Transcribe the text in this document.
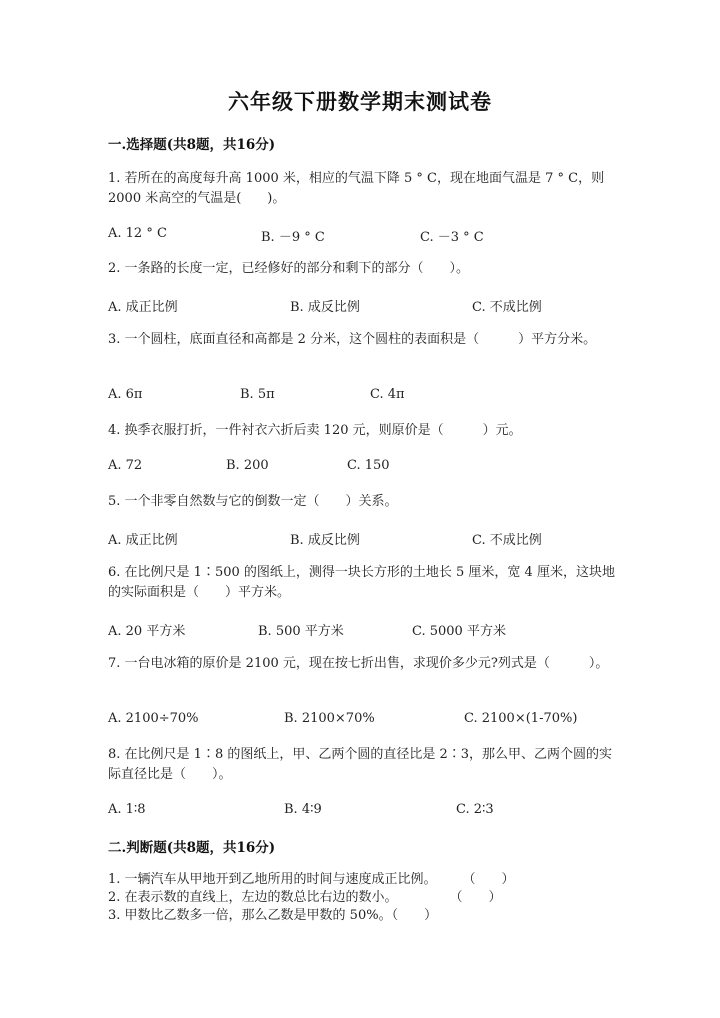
六年级下册数学期末测试卷
一.选择题(共8题，共16分)
1. 若所在的高度每升高 1000 米，相应的气温下降 5 ° C，现在地面气温是 7 ° C，则 2000 米高空的气温是(　　)。
A. 12 ° C	B. －9 ° C	C. －3 ° C
2. 一条路的长度一定，已经修好的部分和剩下的部分（　　）。
A. 成正比例	B. 成反比例	C. 不成比例
3. 一个圆柱，底面直径和高都是 2 分米，这个圆柱的表面积是（　　　）平方分米。
A. 6π	B. 5π	C. 4π
4. 换季衣服打折，一件衬衣六折后卖 120 元，则原价是（　　　）元。
A. 72	B. 200	C. 150
5. 一个非零自然数与它的倒数一定（　　）关系。
A. 成正比例	B. 成反比例	C. 不成比例
6. 在比例尺是 1∶500 的图纸上，测得一块长方形的土地长 5 厘米，宽 4 厘米，这块地的实际面积是（　　）平方米。
A. 20 平方米	B. 500 平方米	C. 5000 平方米
7. 一台电冰箱的原价是 2100 元，现在按七折出售，求现价多少元?列式是（　　　）。
A. 2100÷70%	B. 2100×70%	C. 2100×(1-70%)
8. 在比例尺是 1∶8 的图纸上，甲、乙两个圆的直径比是 2∶3，那么甲、乙两个圆的实际直径比是（　　）。
A. 1∶8	B. 4∶9	C. 2∶3
二.判断题(共8题，共16分)
1. 一辆汽车从甲地开到乙地所用的时间与速度成正比例。　　　（　　）
2. 在表示数的直线上，左边的数总比右边的数小。　　　　　（　　）
3. 甲数比乙数多一倍，那么乙数是甲数的 50%。（　　）
